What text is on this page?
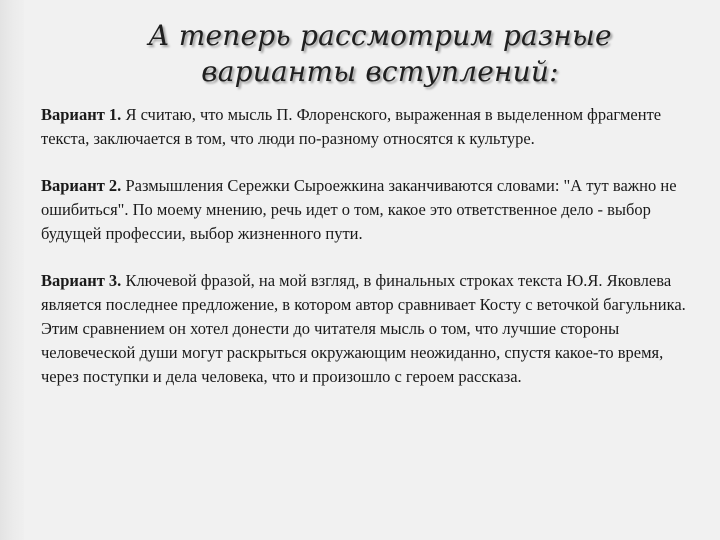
А теперь рассмотрим разные
варианты вступлений:

Вариант 1. Я считаю, что мысль П. Флоренского, выраженная в выделенном фрагменте текста, заключается в том, что люди по-разному относятся к культуре.

Вариант 2. Размышления Сережки Сыроежкина заканчиваются словами: "А тут важно не ошибиться". По моему мнению, речь идет о том, какое это ответственное дело - выбор будущей профессии, выбор жизненного пути.

Вариант 3. Ключевой фразой, на мой взгляд, в финальных строках текста Ю.Я. Яковлева является последнее предложение, в котором автор сравнивает Косту с веточкой багульника. Этим сравнением он хотел донести до читателя мысль о том, что лучшие стороны человеческой души могут раскрыться окружающим неожиданно, спустя какое-то время, через поступки и дела человека, что и произошло с героем рассказа.
